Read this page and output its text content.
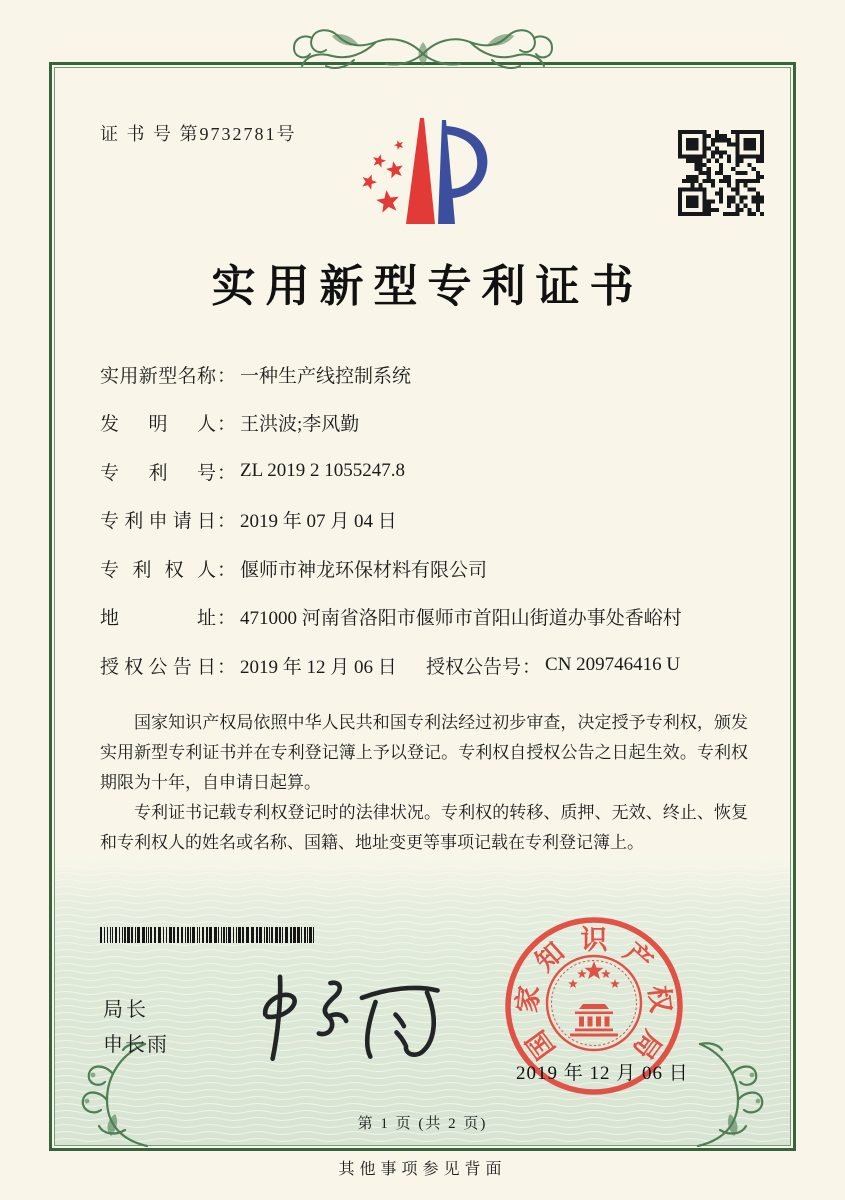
证 书 号 第9732781号
实用新型专利证书
实用新型名称 ： 一种生产线控制系统
发明人 ： 王洪波;李风勤
专利号 ： ZL 2019 2 1055247.8
专利申请日 ： 2019 年 07 月 04 日
专利权人 ： 偃师市神龙环保材料有限公司
地址 ： 471000 河南省洛阳市偃师市首阳山街道办事处香峪村
授权公告日 ： 2019 年 12 月 06 日 授权公告号 ： CN 209746416 U

国家知识产权局依照中华人民共和国专利法经过初步审查，决定授予专利权，颁发实用新型专利证书并在专利登记簿上予以登记。专利权自授权公告之日起生效。专利权期限为十年，自申请日起算。

专利证书记载专利权登记时的法律状况。专利权的转移、质押、无效、终止、恢复和专利权人的姓名或名称、国籍、地址变更等事项记载在专利登记簿上。

局长
申长雨	国
家
知 识 产
权
局
2019 年 12 月 06 日
第 1 页 (共 2 页)
其他事项参见背面
